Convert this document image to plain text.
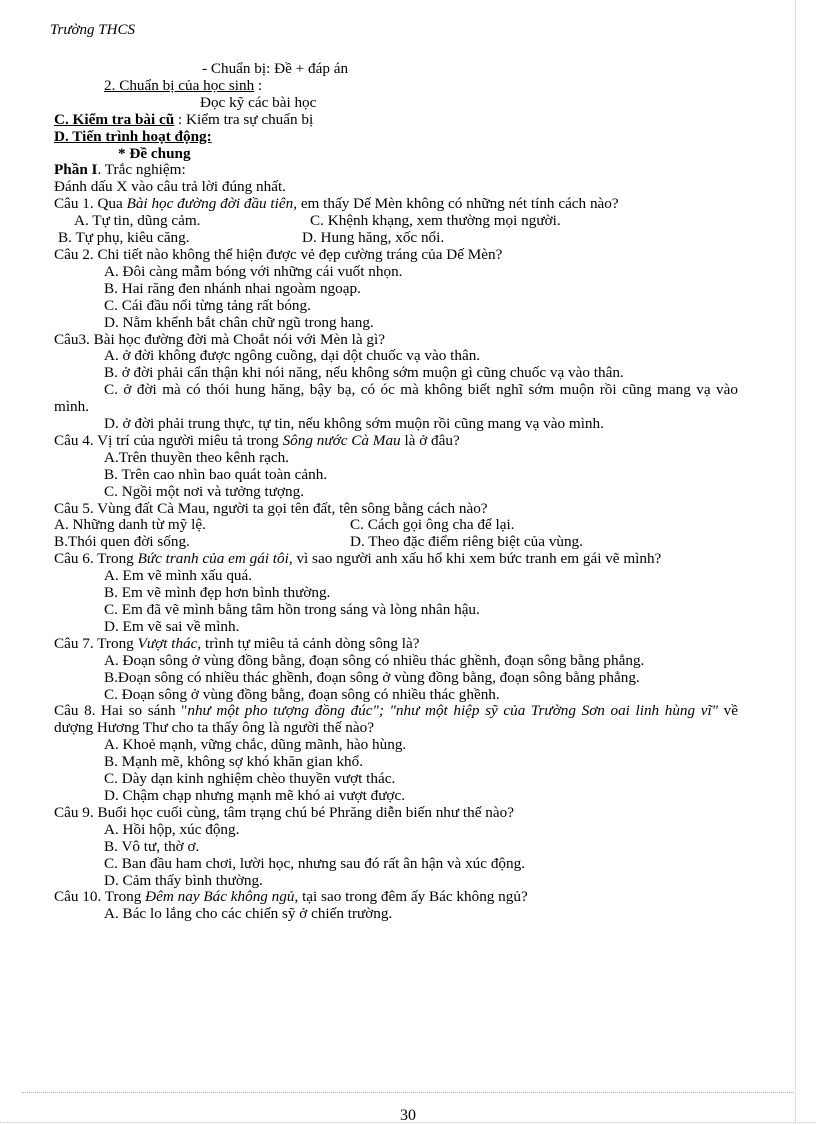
Trường THCS

- Chuẩn bị: Đề + đáp án

2. Chuẩn bị của học sinh :

Đọc kỹ các bài học

C. Kiểm tra bài cũ : Kiểm tra sự chuẩn bị

D. Tiến trình hoạt động:

* Đề chung

Phần I. Trắc nghiệm:

Đánh dấu X vào câu trả lời đúng nhất.

Câu 1. Qua Bài học đường đời đầu tiên, em thấy Dế Mèn không có những nét tính cách nào?

A. Tự tin, dũng cảm.	C. Khệnh khạng, xem thường mọi người.
B. Tự phụ, kiêu căng.	D. Hung hăng, xốc nổi.

Câu 2. Chi tiết nào không thể hiện được vẻ đẹp cường tráng của Dế Mèn?

A. Đôi càng mẫm bóng với những cái vuốt nhọn.

B. Hai răng đen nhánh nhai ngoàm ngoạp.

C. Cái đầu nổi từng tảng rất bóng.

D. Nằm khểnh bắt chân chữ ngũ trong hang.

Câu3. Bài học đường đời mà Choắt nói với Mèn là gì?

A. ở đời không được ngông cuồng, dại dột chuốc vạ vào thân.

B. ở đời phải cẩn thận khi nói năng, nếu không sớm muộn gì cũng chuốc vạ vào thân.

C. ở đời mà có thói hung hăng, bậy bạ, có óc mà không biết nghĩ sớm muộn rồi cũng mang vạ vào mình.

D. ở đời phải trung thực, tự tin, nếu không sớm muộn rồi cũng mang vạ vào mình.

Câu 4. Vị trí của người miêu tả trong Sông nước Cà Mau là ở đâu?

A.Trên thuyền theo kênh rạch.

B. Trên cao nhìn bao quát toàn cảnh.

C. Ngồi một nơi và tưởng tượng.

Câu 5. Vùng đất Cà Mau, người ta gọi tên đất, tên sông bằng cách nào?

A. Những danh từ mỹ lệ.	C. Cách gọi ông cha để lại.
B.Thói quen đời sống.	D. Theo đặc điểm riêng biệt của vùng.

Câu 6. Trong Bức tranh của em gái tôi, vì sao người anh xấu hổ khi xem bức tranh em gái vẽ mình?

A. Em vẽ mình xấu quá.

B. Em vẽ mình đẹp hơn bình thường.

C. Em đã vẽ mình bằng tâm hồn trong sáng và lòng nhân hậu.

D. Em vẽ sai về mình.

Câu 7. Trong Vượt thác, trình tự miêu tả cảnh dòng sông là?

A. Đoạn sông ở vùng đồng bằng, đoạn sông có nhiều thác ghềnh, đoạn sông bằng phẳng.

B.Đoạn sông có nhiều thác ghềnh, đoạn sông ở vùng đồng bằng, đoạn sông bằng phẳng.

C. Đoạn sông ở vùng đồng bằng, đoạn sông có nhiều thác ghềnh.

Câu 8. Hai so sánh "như một pho tượng đồng đúc"; "như một hiệp sỹ của Trường Sơn oai linh hùng vĩ" về dượng Hương Thư cho ta thấy ông là người thế nào?

A. Khoẻ mạnh, vững chắc, dũng mãnh, hào hùng.

B. Mạnh mẽ, không sợ khó khăn gian khổ.

C. Dày dạn kinh nghiệm chèo thuyền vượt thác.

D. Chậm chạp nhưng mạnh mẽ khó ai vượt được.

Câu 9. Buổi học cuối cùng, tâm trạng chú bé Phrăng diễn biến như thế nào?

A. Hồi hộp, xúc động.

B. Vô tư, thờ ơ.

C. Ban đầu ham chơi, lười học, nhưng sau đó rất ân hận và xúc động.

D. Cảm thấy bình thường.

Câu 10. Trong Đêm nay Bác không ngủ, tại sao trong đêm ấy Bác không ngủ?

A. Bác lo lắng cho các chiến sỹ ở chiến trường.

30
